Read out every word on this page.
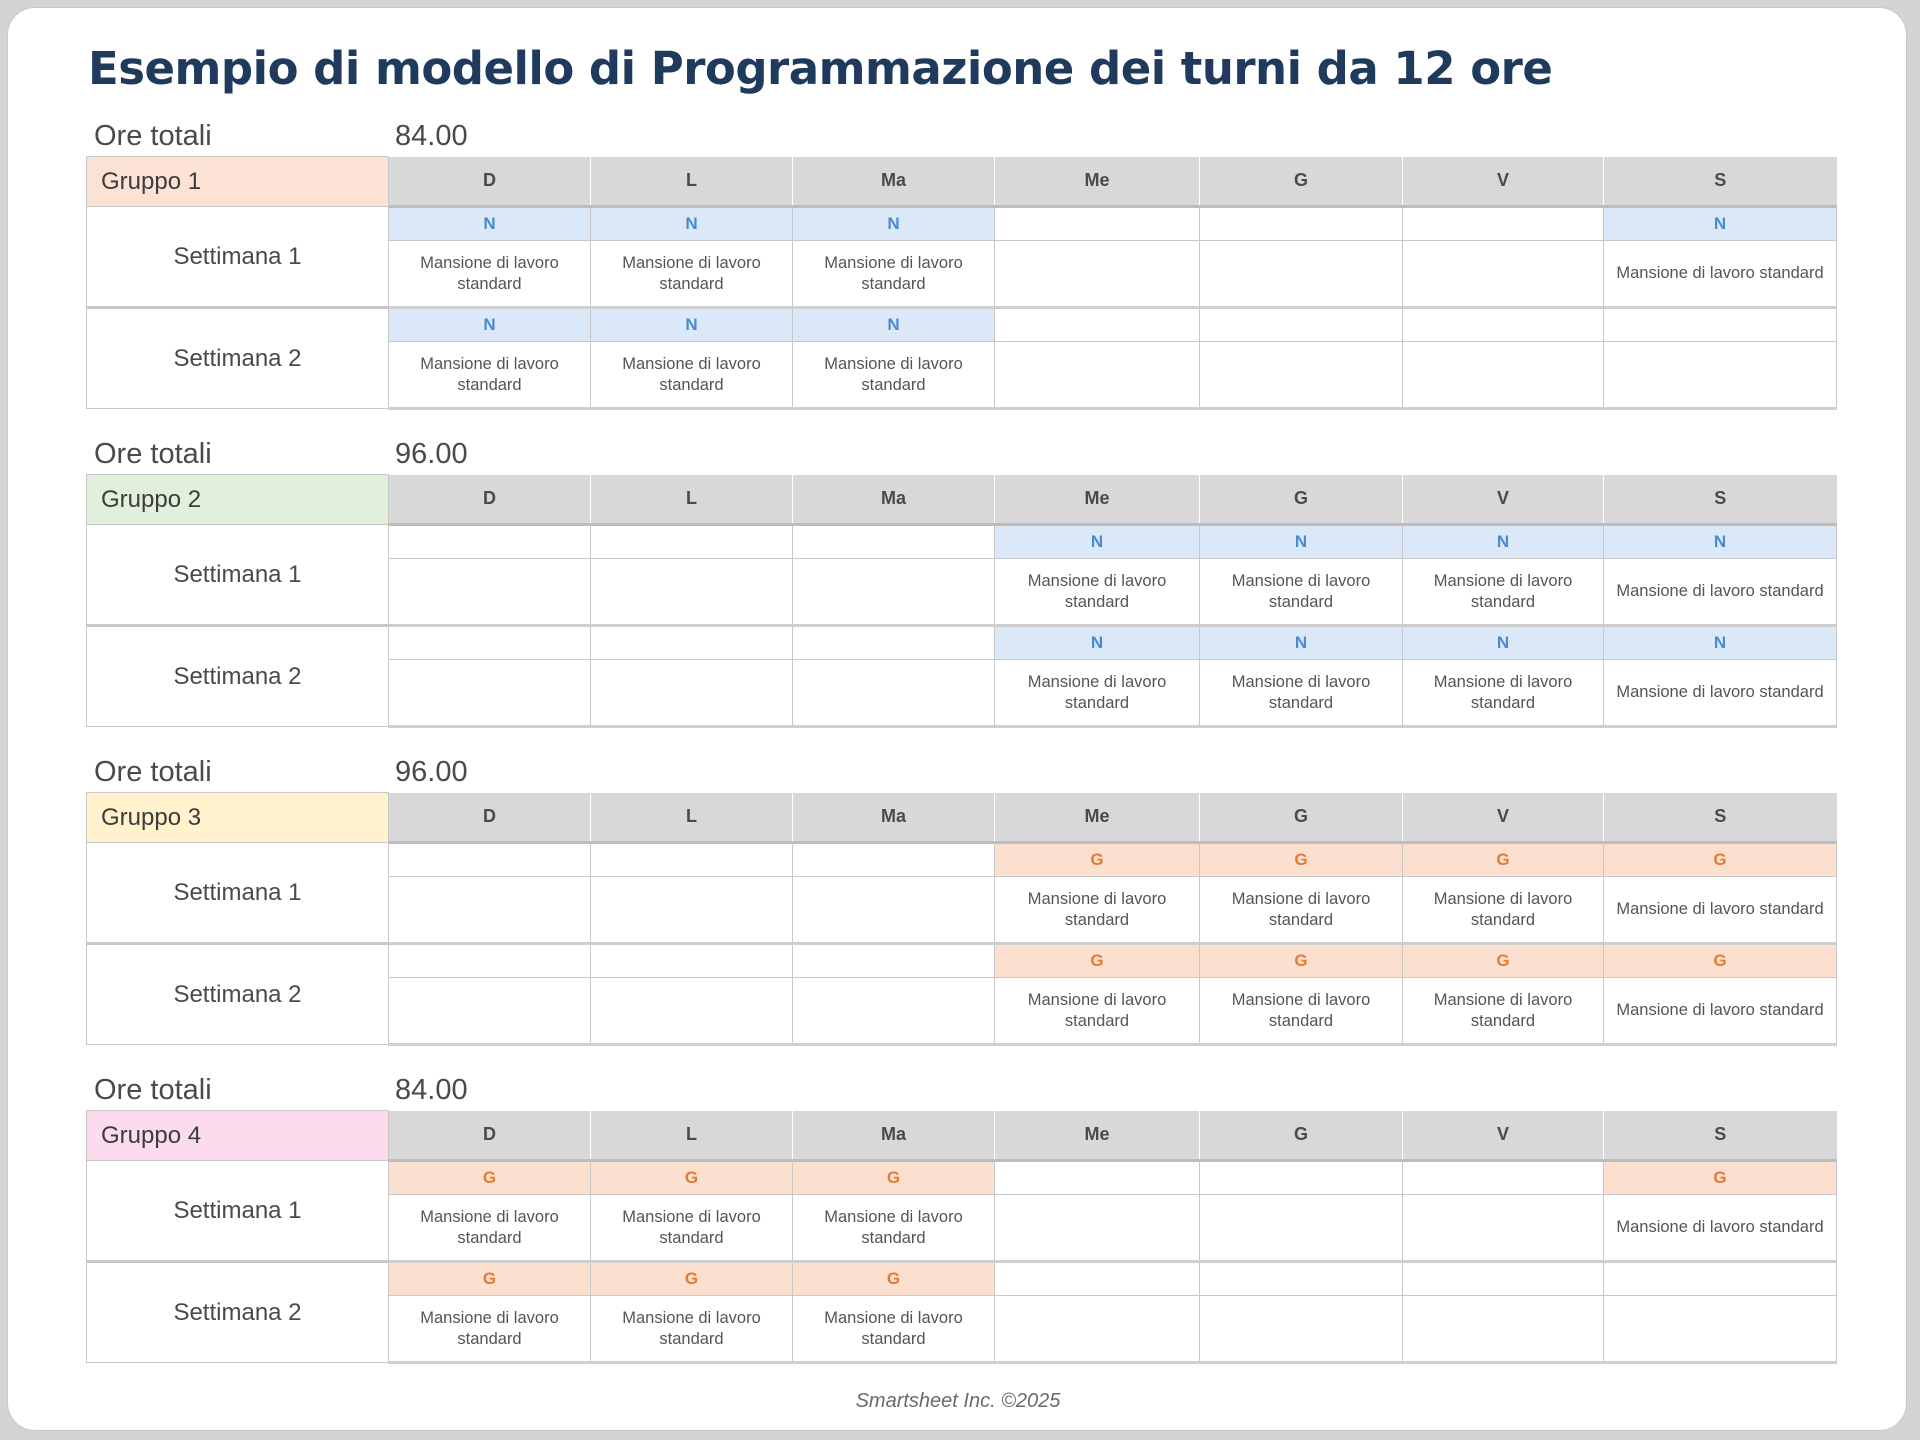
Esempio di modello di Programmazione dei turni da 12 ore
Ore totali	84.00
Gruppo 1	D	L	Ma	Me	G	V	S
Settimana 1	N	N	N				N
	Mansione di lavoro standard	Mansione di lavoro standard	Mansione di lavoro standard				Mansione di lavoro standard
Settimana 2	N	N	N				
	Mansione di lavoro standard	Mansione di lavoro standard	Mansione di lavoro standard				
Ore totali	96.00
Gruppo 2	D	L	Ma	Me	G	V	S
Settimana 1				N	N	N	N
				Mansione di lavoro standard	Mansione di lavoro standard	Mansione di lavoro standard	Mansione di lavoro standard
Settimana 2				N	N	N	N
				Mansione di lavoro standard	Mansione di lavoro standard	Mansione di lavoro standard	Mansione di lavoro standard
Ore totali	96.00
Gruppo 3	D	L	Ma	Me	G	V	S
Settimana 1				G	G	G	G
				Mansione di lavoro standard	Mansione di lavoro standard	Mansione di lavoro standard	Mansione di lavoro standard
Settimana 2				G	G	G	G
				Mansione di lavoro standard	Mansione di lavoro standard	Mansione di lavoro standard	Mansione di lavoro standard
Ore totali	84.00
Gruppo 4	D	L	Ma	Me	G	V	S
Settimana 1	G	G	G				G
	Mansione di lavoro standard	Mansione di lavoro standard	Mansione di lavoro standard				Mansione di lavoro standard
Settimana 2	G	G	G				
	Mansione di lavoro standard	Mansione di lavoro standard	Mansione di lavoro standard				
Smartsheet Inc. ©2025
